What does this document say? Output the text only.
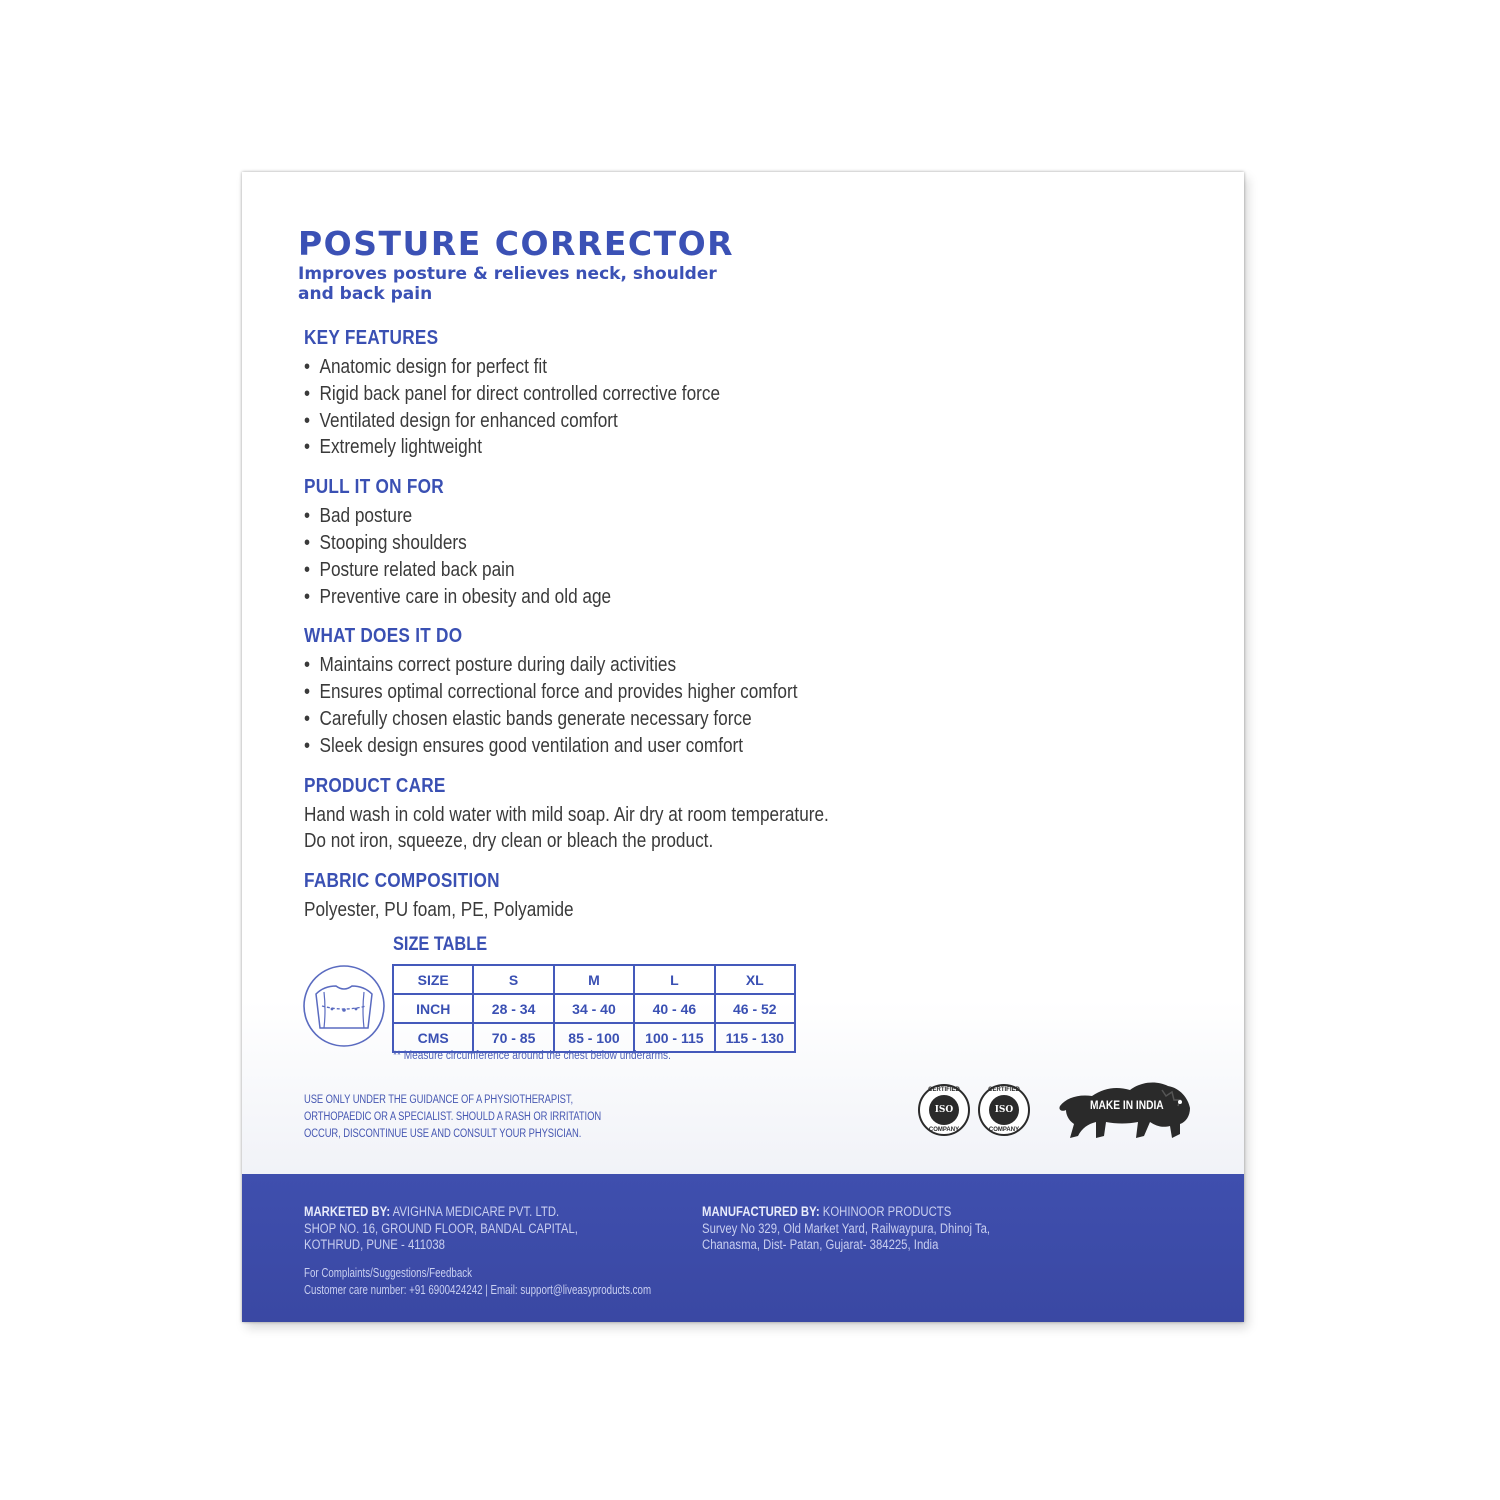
POSTURE CORRECTOR

Improves posture & relieves neck, shoulder and back pain

KEY FEATURES
• Anatomic design for perfect fit
• Rigid back panel for direct controlled corrective force
• Ventilated design for enhanced comfort
• Extremely lightweight
PULL IT ON FOR
• Bad posture
• Stooping shoulders
• Posture related back pain
• Preventive care in obesity and old age
WHAT DOES IT DO
• Maintains correct posture during daily activities
• Ensures optimal correctional force and provides higher comfort
• Carefully chosen elastic bands generate necessary force
• Sleek design ensures good ventilation and user comfort
PRODUCT CARE

Hand wash in cold water with mild soap. Air dry at room temperature.

Do not iron, squeeze, dry clean or bleach the product.

FABRIC COMPOSITION

Polyester, PU foam, PE, Polyamide

SIZE TABLE
SIZE	S	M	L	XL
INCH	28 - 34	34 - 40	40 - 46	46 - 52
CMS	70 - 85	85 - 100	100 - 115	115 - 130
** Measure circumference around the chest below underarms.
USE ONLY UNDER THE GUIDANCE OF A PHYSIOTHERAPIST,
ORTHOPAEDIC OR A SPECIALIST. SHOULD A RASH OR IRRITATION
OCCUR, DISCONTINUE USE AND CONSULT YOUR PHYSICIAN.
CERTIFIED
ISO
COMPANY
CERTIFIED
ISO
COMPANY
MAKE IN INDIA
MARKETED BY: AVIGHNA MEDICARE PVT. LTD.
SHOP NO. 16, GROUND FLOOR, BANDAL CAPITAL,
KOTHRUD, PUNE - 411038
MANUFACTURED BY: KOHINOOR PRODUCTS
Survey No 329, Old Market Yard, Railwaypura, Dhinoj Ta,
Chanasma, Dist- Patan, Gujarat- 384225, India
For Complaints/Suggestions/Feedback
Customer care number: +91 6900424242 | Email: support@liveasyproducts.com
